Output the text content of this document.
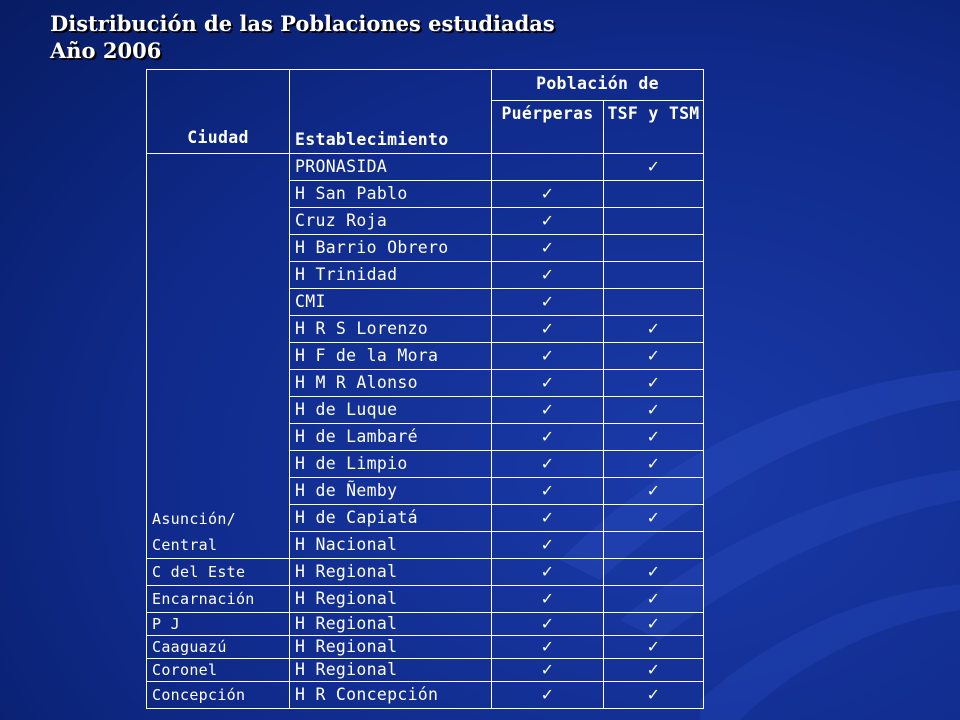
Distribución de las Poblaciones estudiadas
Año 2006
Ciudad	Establecimiento	Población de	
		Puérperas	TSF y TSM
Asunción/ Central	PRONASIDA		✓
	H San Pablo	✓	
	Cruz Roja	✓	
	H Barrio Obrero	✓	
	H Trinidad	✓	
	CMI	✓	
	H R S Lorenzo	✓	✓
	H F de la Mora	✓	✓
	H M R Alonso	✓	✓
	H de Luque	✓	✓
	H de Lambaré	✓	✓
	H de Limpio	✓	✓
	H de Ñemby	✓	✓
	H de Capiatá	✓	✓
	H Nacional	✓	
C del Este	H Regional	✓	✓
Encarnación	H Regional	✓	✓
P J	H Regional	✓	✓
Caaguazú	H Regional	✓	✓
Coronel	H Regional	✓	✓
Concepción	H R Concepción	✓	✓
